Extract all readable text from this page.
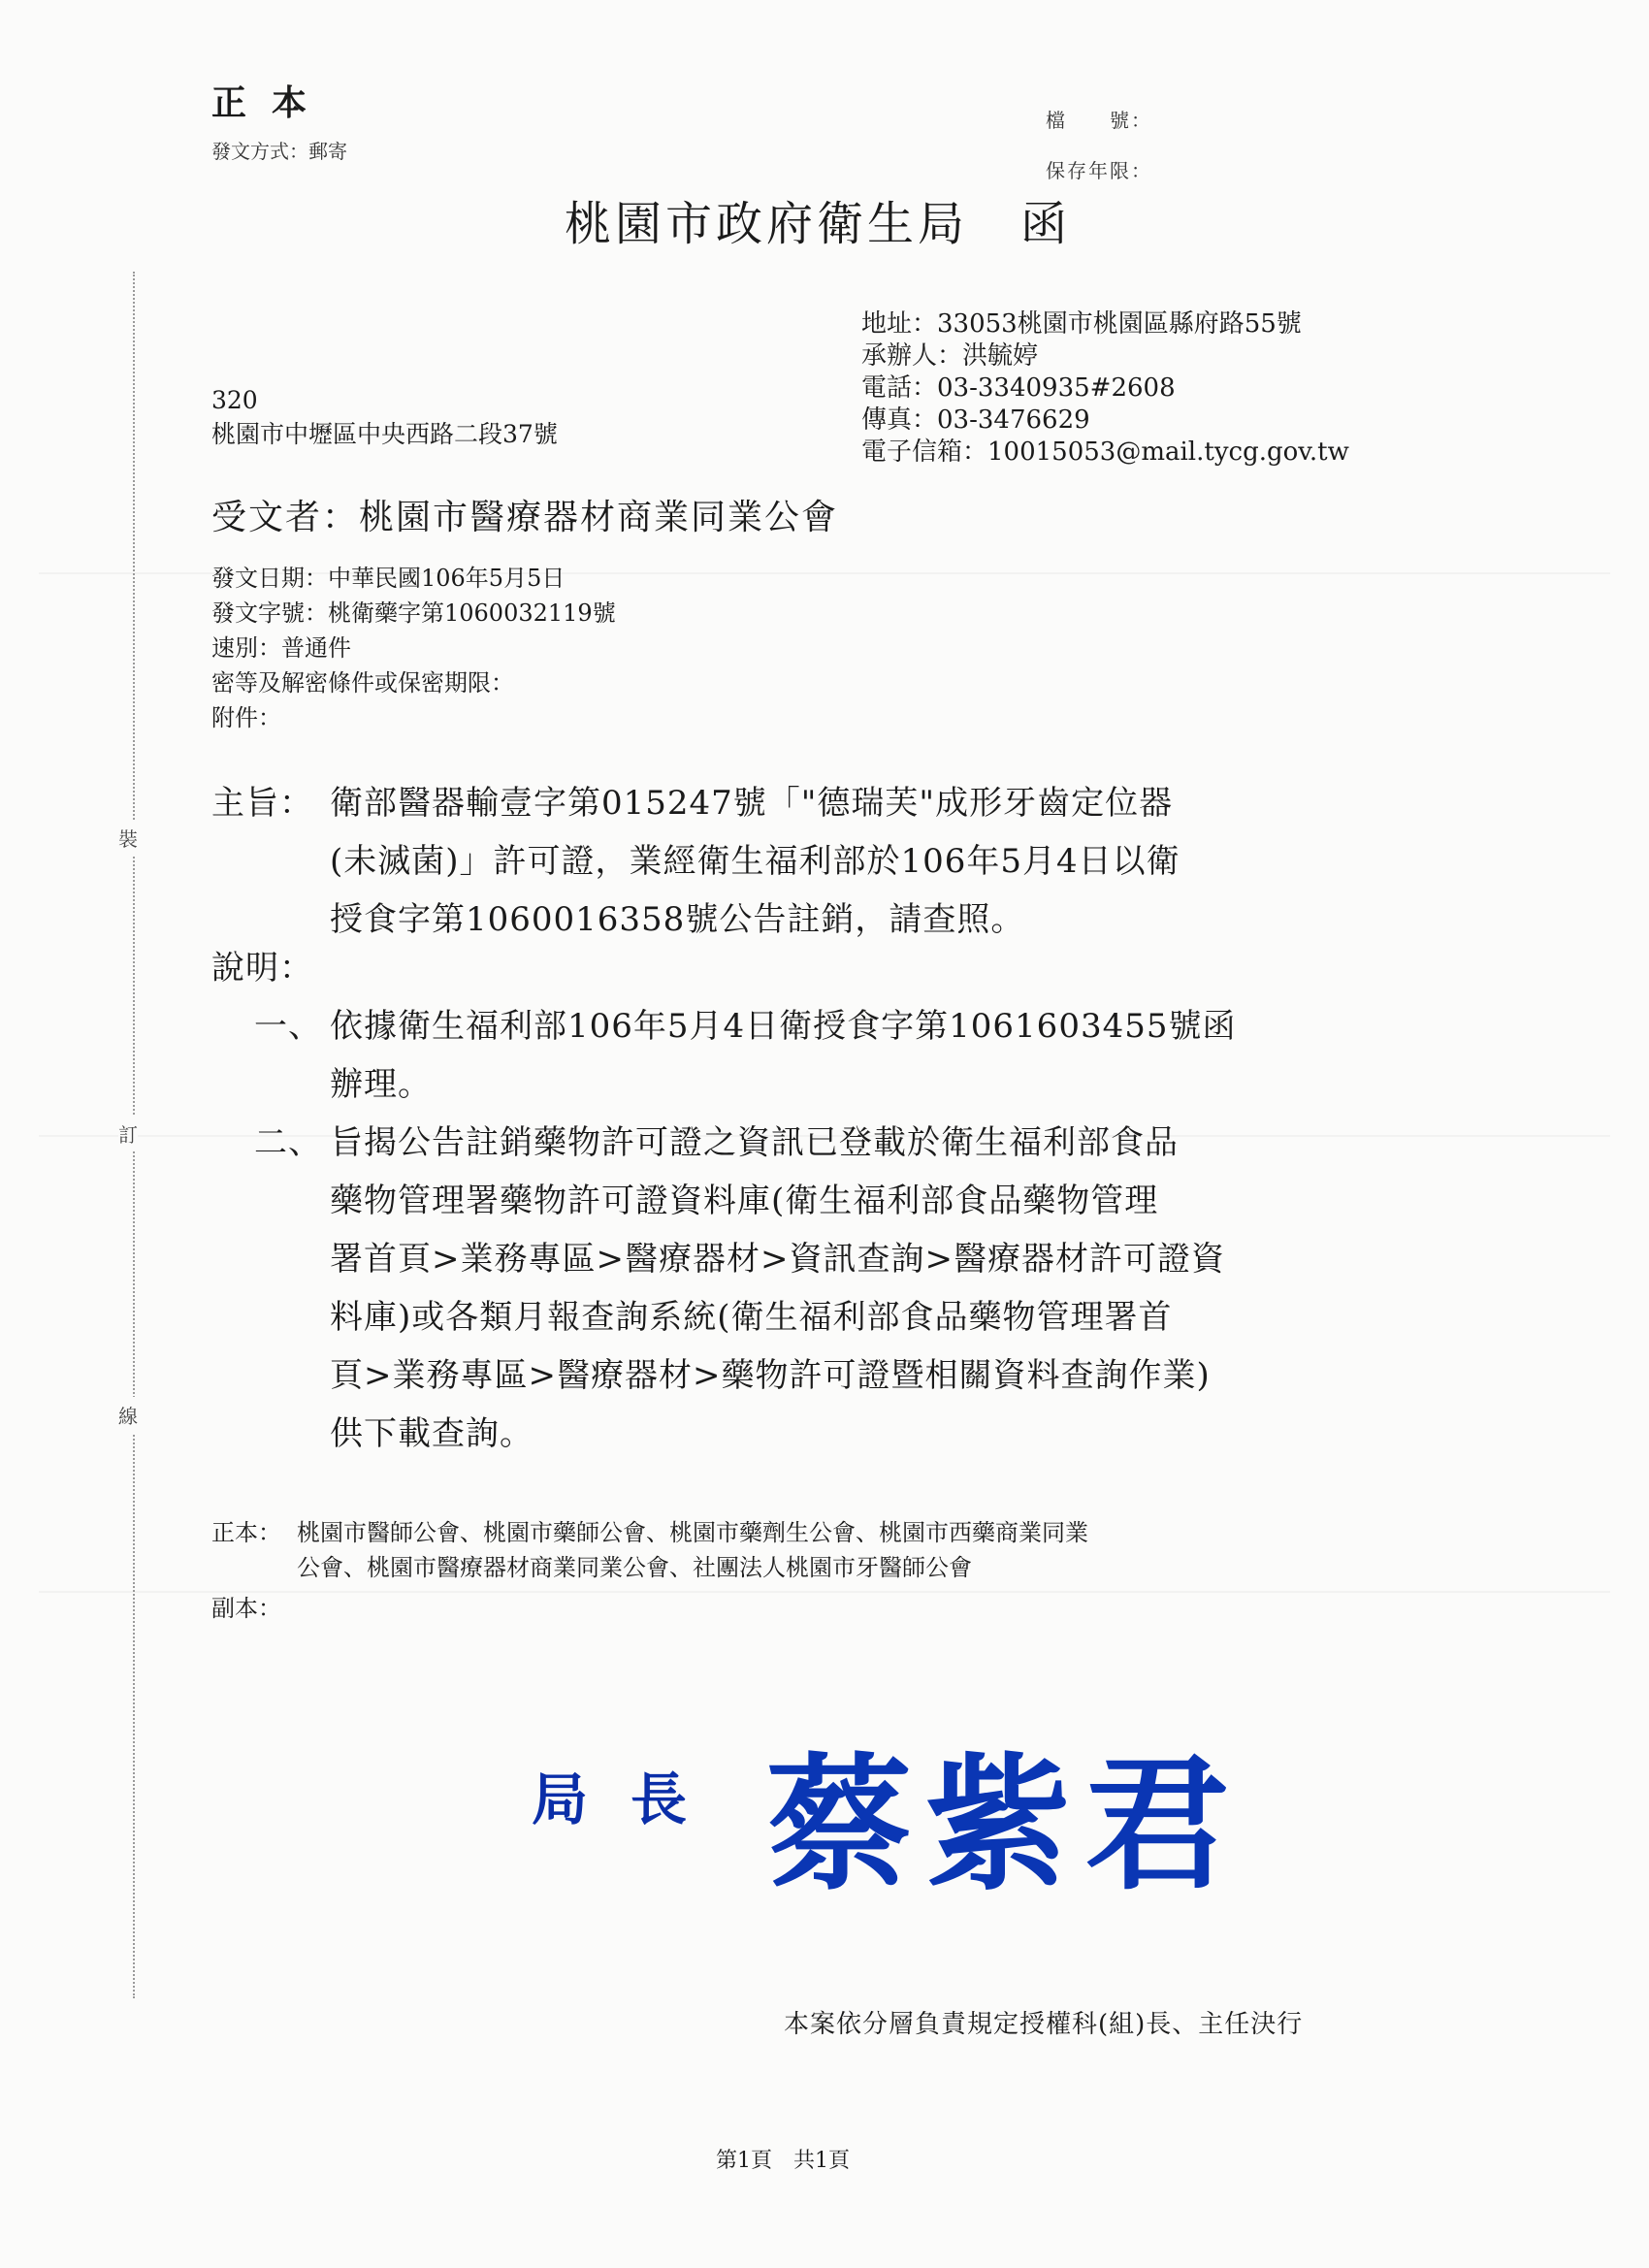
裝
訂
線
正本
發文方式：郵寄
檔　　號：
保存年限：
桃園市政府衛生局 函
地址：33053桃園市桃園區縣府路55號
承辦人：洪毓婷
電話：03-3340935#2608
傳真：03-3476629
電子信箱：10015053@mail.tycg.gov.tw
320
桃園市中壢區中央西路二段37號
受文者：桃園市醫療器材商業同業公會
發文日期：中華民國106年5月5日
發文字號：桃衛藥字第1060032119號
速別：普通件
密等及解密條件或保密期限：
附件：
主旨： 衛部醫器輸壹字第015247號「"德瑞芙"成形牙齒定位器
(未滅菌)」許可證，業經衛生福利部於106年5月4日以衛
授食字第1060016358號公告註銷，請查照。
說明：
一、 依據衛生福利部106年5月4日衛授食字第1061603455號函
辦理。
二、 旨揭公告註銷藥物許可證之資訊已登載於衛生福利部食品
藥物管理署藥物許可證資料庫(衛生福利部食品藥物管理
署首頁>業務專區>醫療器材>資訊查詢>醫療器材許可證資
料庫)或各類月報查詢系統(衛生福利部食品藥物管理署首
頁>業務專區>醫療器材>藥物許可證暨相關資料查詢作業)
供下載查詢。
正本： 桃園市醫師公會、桃園市藥師公會、桃園市藥劑生公會、桃園市西藥商業同業
公會、桃園市醫療器材商業同業公會、社團法人桃園市牙醫師公會
副本：
局長 蔡紫君
本案依分層負責規定授權科(組)長、主任決行
第1頁　共1頁
